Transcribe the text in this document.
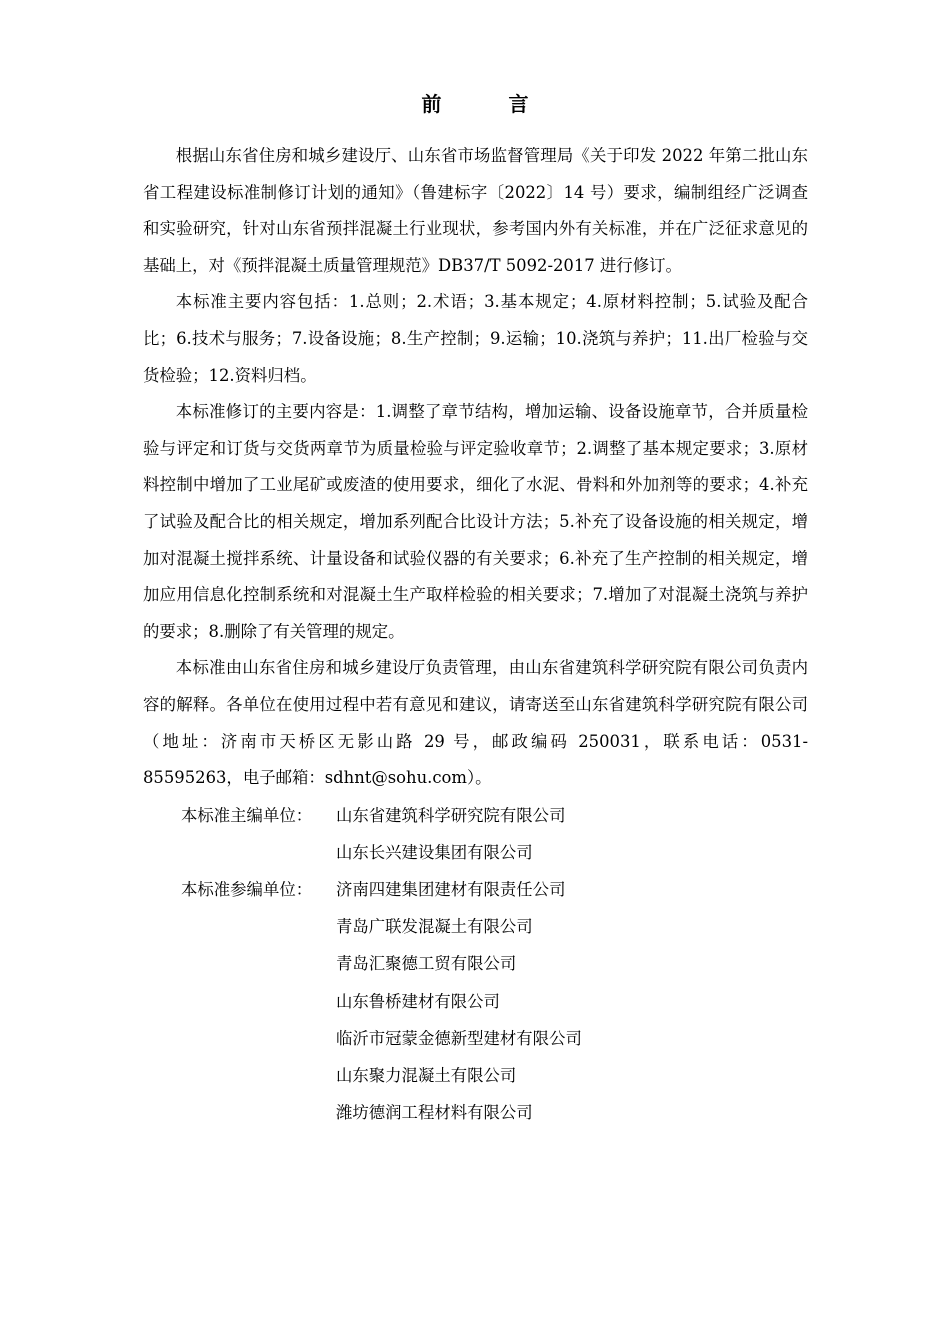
前 言

根据山东省住房和城乡建设厅、山东省市场监督管理局《关于印发 2022 年第二批山东省工程建设标准制修订计划的通知》（鲁建标字〔2022〕14 号）要求，编制组经广泛调查和实验研究，针对山东省预拌混凝土行业现状，参考国内外有关标准，并在广泛征求意见的基础上，对《预拌混凝土质量管理规范》DB37/T 5092-2017 进行修订。

本标准主要内容包括：1.总则；2.术语；3.基本规定；4.原材料控制；5.试验及配合比；6.技术与服务；7.设备设施；8.生产控制；9.运输；10.浇筑与养护；11.出厂检验与交货检验；12.资料归档。

本标准修订的主要内容是：1.调整了章节结构，增加运输、设备设施章节，合并质量检验与评定和订货与交货两章节为质量检验与评定验收章节；2.调整了基本规定要求；3.原材料控制中增加了工业尾矿或废渣的使用要求，细化了水泥、骨料和外加剂等的要求；4.补充了试验及配合比的相关规定，增加系列配合比设计方法；5.补充了设备设施的相关规定，增加对混凝土搅拌系统、计量设备和试验仪器的有关要求；6.补充了生产控制的相关规定，增加应用信息化控制系统和对混凝土生产取样检验的相关要求；7.增加了对混凝土浇筑与养护的要求；8.删除了有关管理的规定。

本标准由山东省住房和城乡建设厅负责管理，由山东省建筑科学研究院有限公司负责内容的解释。各单位在使用过程中若有意见和建议，请寄送至山东省建筑科学研究院有限公司（地址：济南市天桥区无影山路 29 号，邮政编码 250031，联系电话：0531-85595263，电子邮箱：sdhnt@sohu.com）。

本标准主编单位：	山东省建筑科学研究院有限公司
山东长兴建设集团有限公司
本标准参编单位：	济南四建集团建材有限责任公司
青岛广联发混凝土有限公司
青岛汇聚德工贸有限公司
山东鲁桥建材有限公司
临沂市冠蒙金德新型建材有限公司
山东聚力混凝土有限公司
潍坊德润工程材料有限公司
